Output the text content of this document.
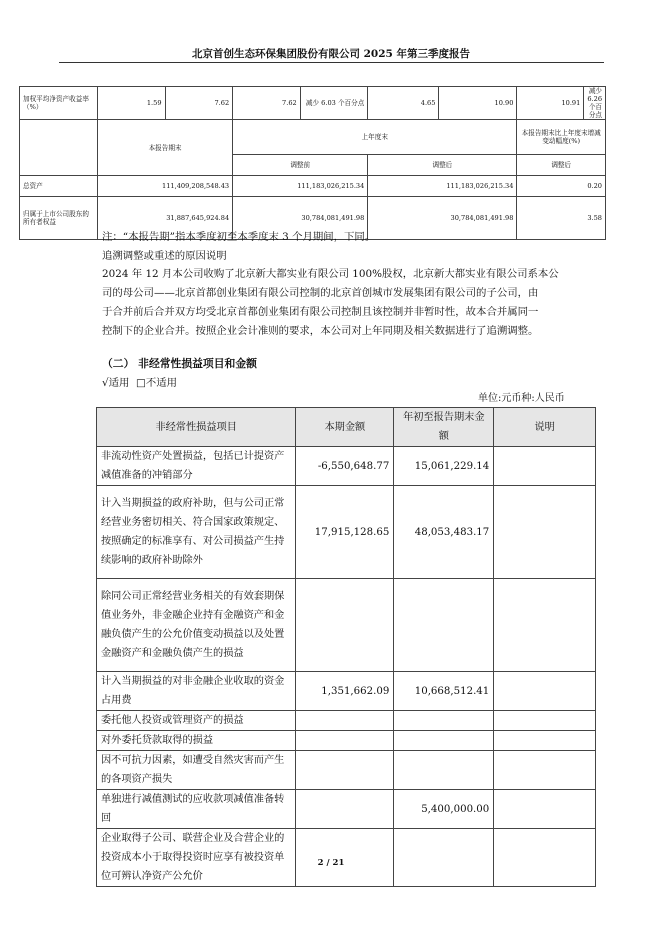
北京首创生态环保集团股份有限公司 2025 年第三季度报告
加权平均净资产收益率（%）	1.59	7.62	7.62	减少 6.03 个百分点	4.65	10.90	10.91	减少 6.26 个百分点
	本报告期末		上年度末				本报告期末比上年度末增减变动幅度(%)	
			调整前		调整后		调整后	
总资产	111,409,208,548.43		111,183,026,215.34		111,183,026,215.34		0.20	
归属于上市公司股东的所有者权益	31,887,645,924.84		30,784,081,491.98		30,784,081,491.98		3.58	
注：“本报告期”指本季度初至本季度末 3 个月期间，下同。
追溯调整或重述的原因说明
2024 年 12 月本公司收购了北京新大都实业有限公司 100%股权，北京新大都实业有限公司系本公
司的母公司——北京首都创业集团有限公司控制的北京首创城市发展集团有限公司的子公司，由
于合并前后合并双方均受北京首都创业集团有限公司控制且该控制并非暂时性，故本合并属同一
控制下的企业合并。按照企业会计准则的要求，本公司对上年同期及相关数据进行了追溯调整。
（二） 非经常性损益项目和金额
√适用 □不适用
单位:元币种:人民币
非经常性损益项目	本期金额	年初至报告期末金额	说明
非流动性资产处置损益，包括已计提资产减值准备的冲销部分	-6,550,648.77	15,061,229.14	
计入当期损益的政府补助，但与公司正常经营业务密切相关、符合国家政策规定、按照确定的标准享有、对公司损益产生持续影响的政府补助除外	17,915,128.65	48,053,483.17	
除同公司正常经营业务相关的有效套期保值业务外，非金融企业持有金融资产和金融负债产生的公允价值变动损益以及处置金融资产和金融负债产生的损益			
计入当期损益的对非金融企业收取的资金占用费	1,351,662.09	10,668,512.41	
委托他人投资或管理资产的损益			
对外委托贷款取得的损益			
因不可抗力因素，如遭受自然灾害而产生的各项资产损失			
单独进行减值测试的应收款项减值准备转回		5,400,000.00	
企业取得子公司、联营企业及合营企业的投资成本小于取得投资时应享有被投资单位可辨认净资产公允价			
2 / 21
